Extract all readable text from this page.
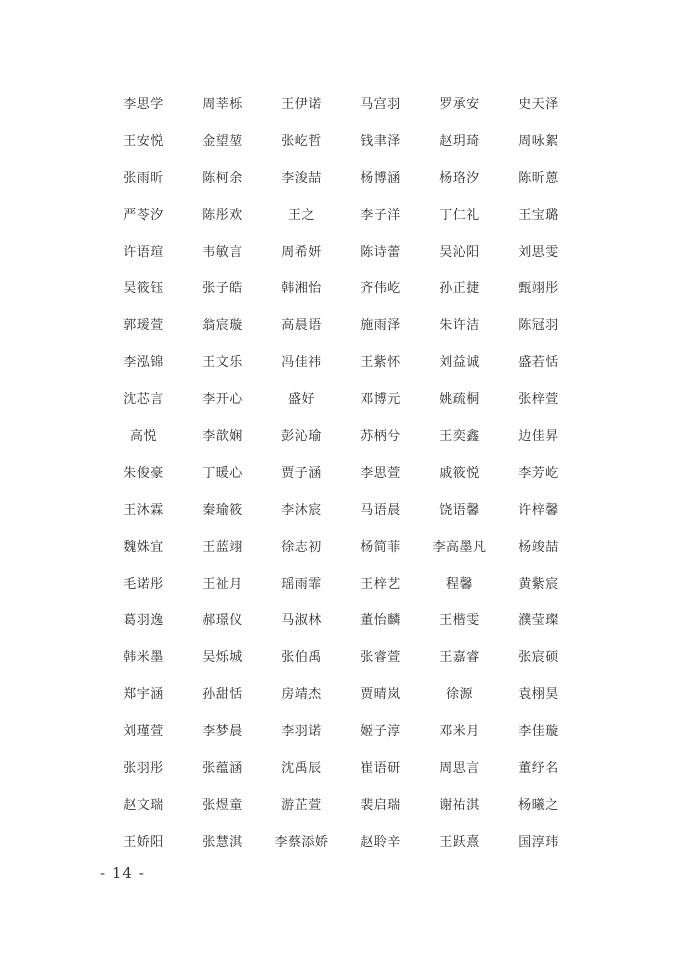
李思学	周莘栎	王伊诺	马宫羽	罗承安	史天泽
王安悦	金望堃	张屹哲	钱聿泽	赵玥琦	周咏絮
张雨昕	陈柯余	李浚喆	杨博涵	杨珞汐	陈昕蒽
严苓汐	陈彤欢	王之	李子洋	丁仁礼	王宝璐
许语瑄	韦敏言	周希妍	陈诗蕾	吴沁阳	刘思雯
吴筱钰	张子皓	韩湘怡	齐伟屹	孙正捷	甄翊彤
郭瑷萱	翁宸璇	高晨语	施雨泽	朱许洁	陈冠羽
李泓锦	王文乐	冯佳祎	王紫怀	刘益诚	盛若恬
沈芯言	李开心	盛好	邓博元	姚疏桐	张梓萱
高悦	李歆娴	彭沁瑜	苏柄兮	王奕鑫	边佳昇
朱俊豪	丁暖心	贾子涵	李思萱	戚筱悦	李芳屹
王沐霖	秦瑜筱	李沐宸	马语晨	饶语馨	许梓馨
魏姝宜	王蓝翊	徐志初	杨简菲	李高墨凡	杨竣喆
毛诺彤	王祉月	瑶雨霏	王梓艺	程馨	黄紫宸
葛羽逸	郝璟仪	马淑林	董怡麟	王楷雯	濮莹璨
韩米墨	吴烁城	张伯禹	张睿萱	王嘉睿	张宸硕
郑宇涵	孙甜恬	房靖杰	贾晴岚	徐源	袁栩昊
刘瑾萱	李梦晨	李羽诺	姬子淳	邓米月	李佳璇
张羽彤	张蕴涵	沈禹辰	崔语研	周思言	董纾名
赵文瑞	张煜童	游芷萱	裴启瑞	谢祐淇	杨曦之
王娇阳	张慧淇	李蔡添娇	赵聆辛	王跃熹	国淳玮
- 14 -
